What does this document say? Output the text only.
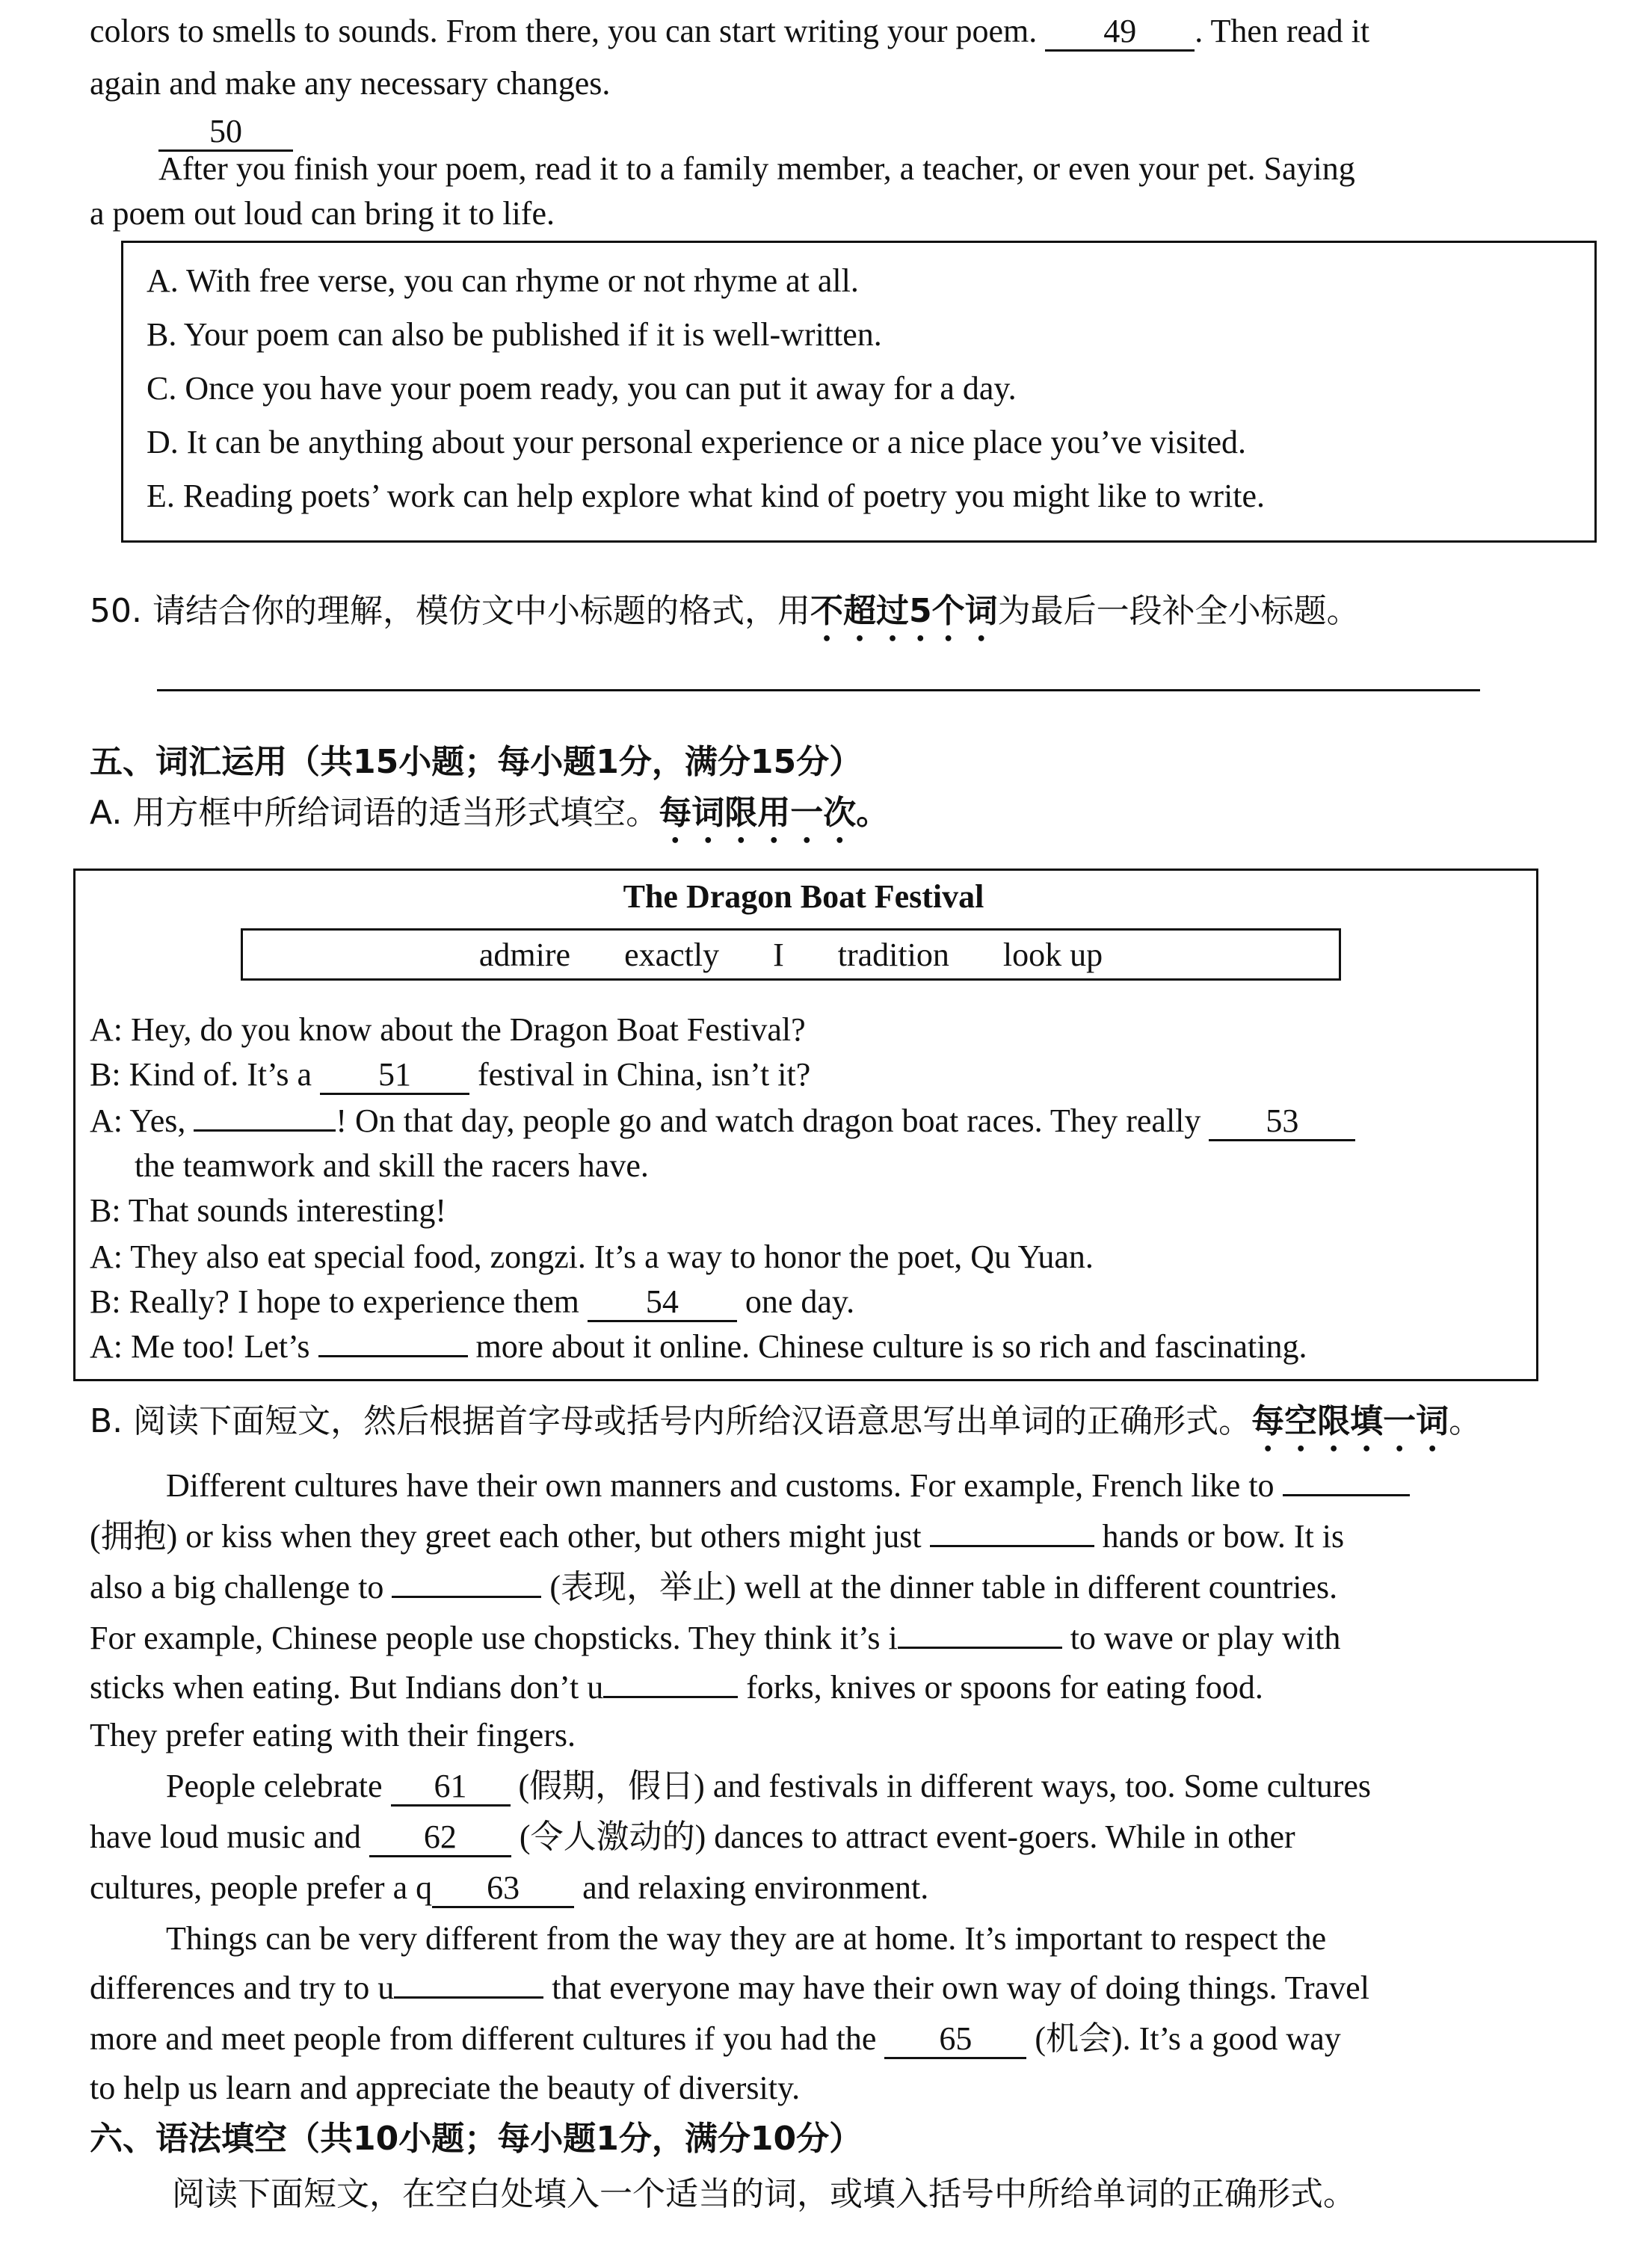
colors to smells to sounds. From there, you can start writing your poem. 49 . Then read it
again and make any necessary changes.
50
After you finish your poem, read it to a family member, a teacher, or even your pet. Saying
a poem out loud can bring it to life.
A. With free verse, you can rhyme or not rhyme at all.
B. Your poem can also be published if it is well-written.
C. Once you have your poem ready, you can put it away for a day.
D. It can be anything about your personal experience or a nice place you’ve visited.
E. Reading poets’ work can help explore what kind of poetry you might like to write.
50. 请结合你的理解，模仿文中小标题的格式，用不超过5个词为最后一段补全小标题。
五、词汇运用（共15小题；每小题1分，满分15分）
A. 用方框中所给词语的适当形式填空。每词限用一次。
The Dragon Boat Festival
admire exactly I tradition look up
A: Hey, do you know about the Dragon Boat Festival?
B: Kind of. It’s a 51 festival in China, isn’t it?
A: Yes,	! On that day, people go and watch dragon boat races. They really 53
the teamwork and skill the racers have.
B: That sounds interesting!
A: They also eat special food, zongzi. It’s a way to honor the poet, Qu Yuan.
B: Really? I hope to experience them 54 one day.
A: Me too! Let’s	more about it online. Chinese culture is so rich and fascinating.
B. 阅读下面短文，然后根据首字母或括号内所给汉语意思写出单词的正确形式。每空限填一词。
Different cultures have their own manners and customs. For example, French like to
(拥抱) or kiss when they greet each other, but others might just	hands or bow. It is
also a big challenge to	(表现，举止) well at the dinner table in different countries.
For example, Chinese people use chopsticks. They think it’s i	to wave or play with
sticks when eating. But Indians don’t u	forks, knives or spoons for eating food.
They prefer eating with their fingers.
People celebrate 61 (假期，假日) and festivals in different ways, too. Some cultures
have loud music and 62 (令人激动的) dances to attract event-goers. While in other
cultures, people prefer a q 63 and relaxing environment.
Things can be very different from the way they are at home. It’s important to respect the
differences and try to u	that everyone may have their own way of doing things. Travel
more and meet people from different cultures if you had the 65 (机会). It’s a good way
to help us learn and appreciate the beauty of diversity.
六、语法填空（共10小题；每小题1分，满分10分）
阅读下面短文，在空白处填入一个适当的词，或填入括号中所给单词的正确形式。
